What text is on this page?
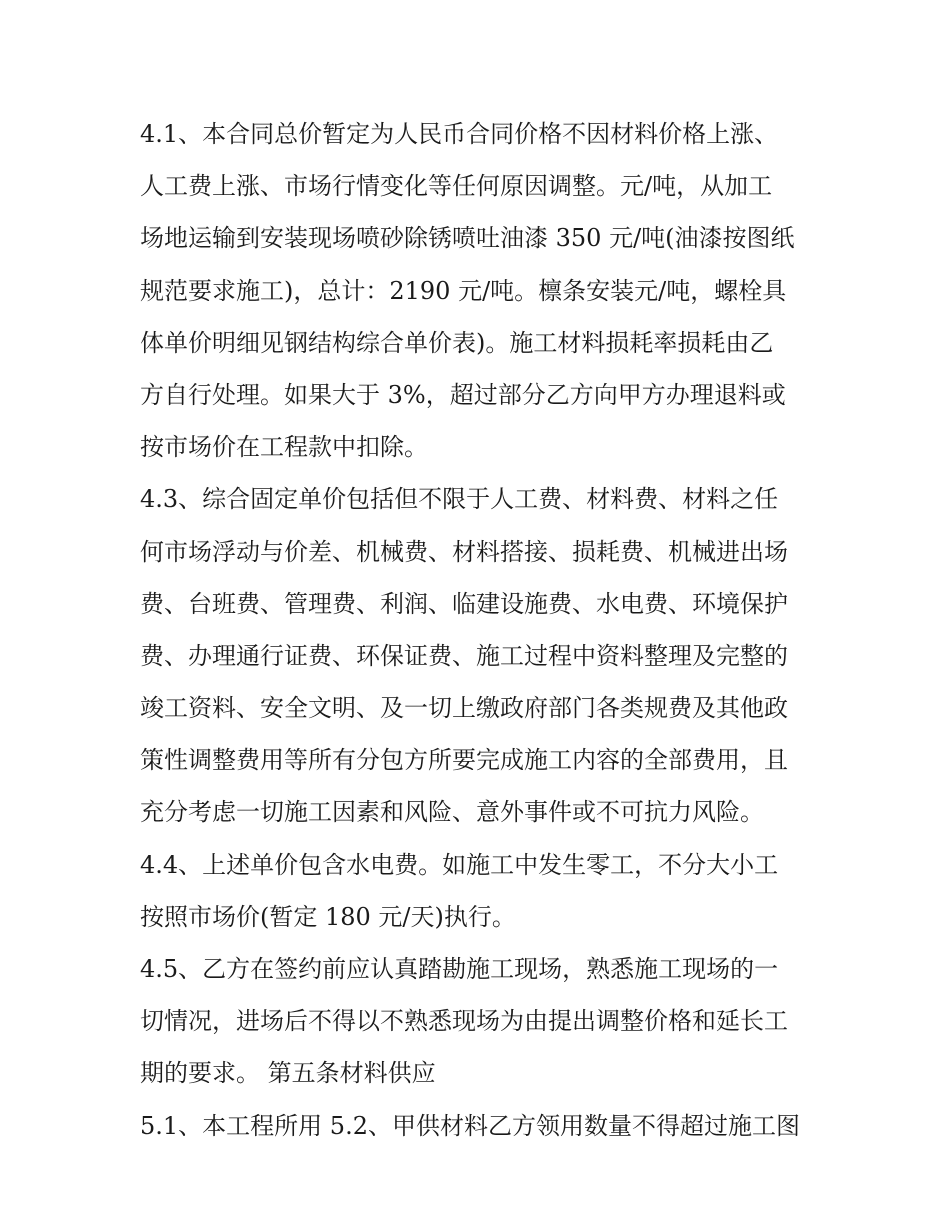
4.1、本合同总价暂定为人民币合同价格不因材料价格上涨、
人工费上涨、市场行情变化等任何原因调整。元/吨，从加工
场地运输到安装现场喷砂除锈喷吐油漆 350 元/吨(油漆按图纸
规范要求施工)，总计：2190 元/吨。檩条安装元/吨，螺栓具
体单价明细见钢结构综合单价表)。施工材料损耗率损耗由乙
方自行处理。如果大于 3%，超过部分乙方向甲方办理退料或
按市场价在工程款中扣除。
4.3、综合固定单价包括但不限于人工费、材料费、材料之任
何市场浮动与价差、机械费、材料搭接、损耗费、机械进出场
费、台班费、管理费、利润、临建设施费、水电费、环境保护
费、办理通行证费、环保证费、施工过程中资料整理及完整的
竣工资料、安全文明、及一切上缴政府部门各类规费及其他政
策性调整费用等所有分包方所要完成施工内容的全部费用，且
充分考虑一切施工因素和风险、意外事件或不可抗力风险。
4.4、上述单价包含水电费。如施工中发生零工，不分大小工
按照市场价(暂定 180 元/天)执行。
4.5、乙方在签约前应认真踏勘施工现场，熟悉施工现场的一
切情况，进场后不得以不熟悉现场为由提出调整价格和延长工
期的要求。 第五条材料供应
5.1、本工程所用 5.2、甲供材料乙方领用数量不得超过施工图
